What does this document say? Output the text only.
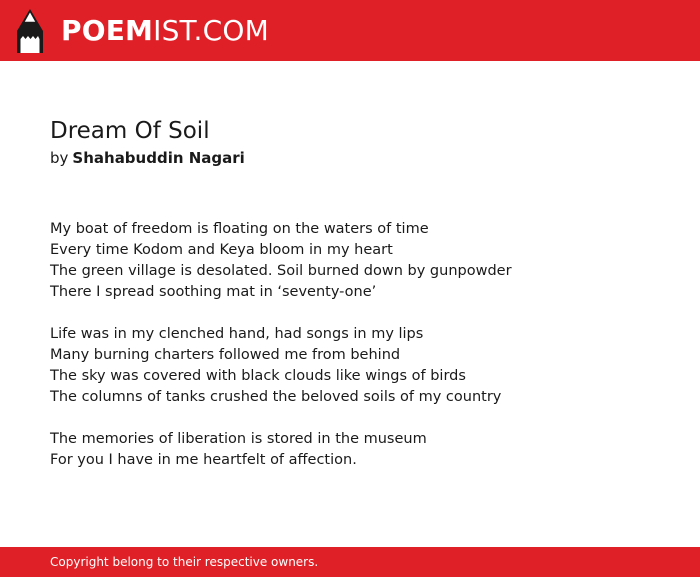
POEMIST.COM
Dream Of Soil
by Shahabuddin Nagari
My boat of freedom is floating on the waters of time
Every time Kodom and Keya bloom in my heart
The green village is desolated. Soil burned down by gunpowder
There I spread soothing mat in ‘seventy-one’
Life was in my clenched hand, had songs in my lips
Many burning charters followed me from behind
The sky was covered with black clouds like wings of birds
The columns of tanks crushed the beloved soils of my country
The memories of liberation is stored in the museum
For you I have in me heartfelt of affection.
Copyright belong to their respective owners.
